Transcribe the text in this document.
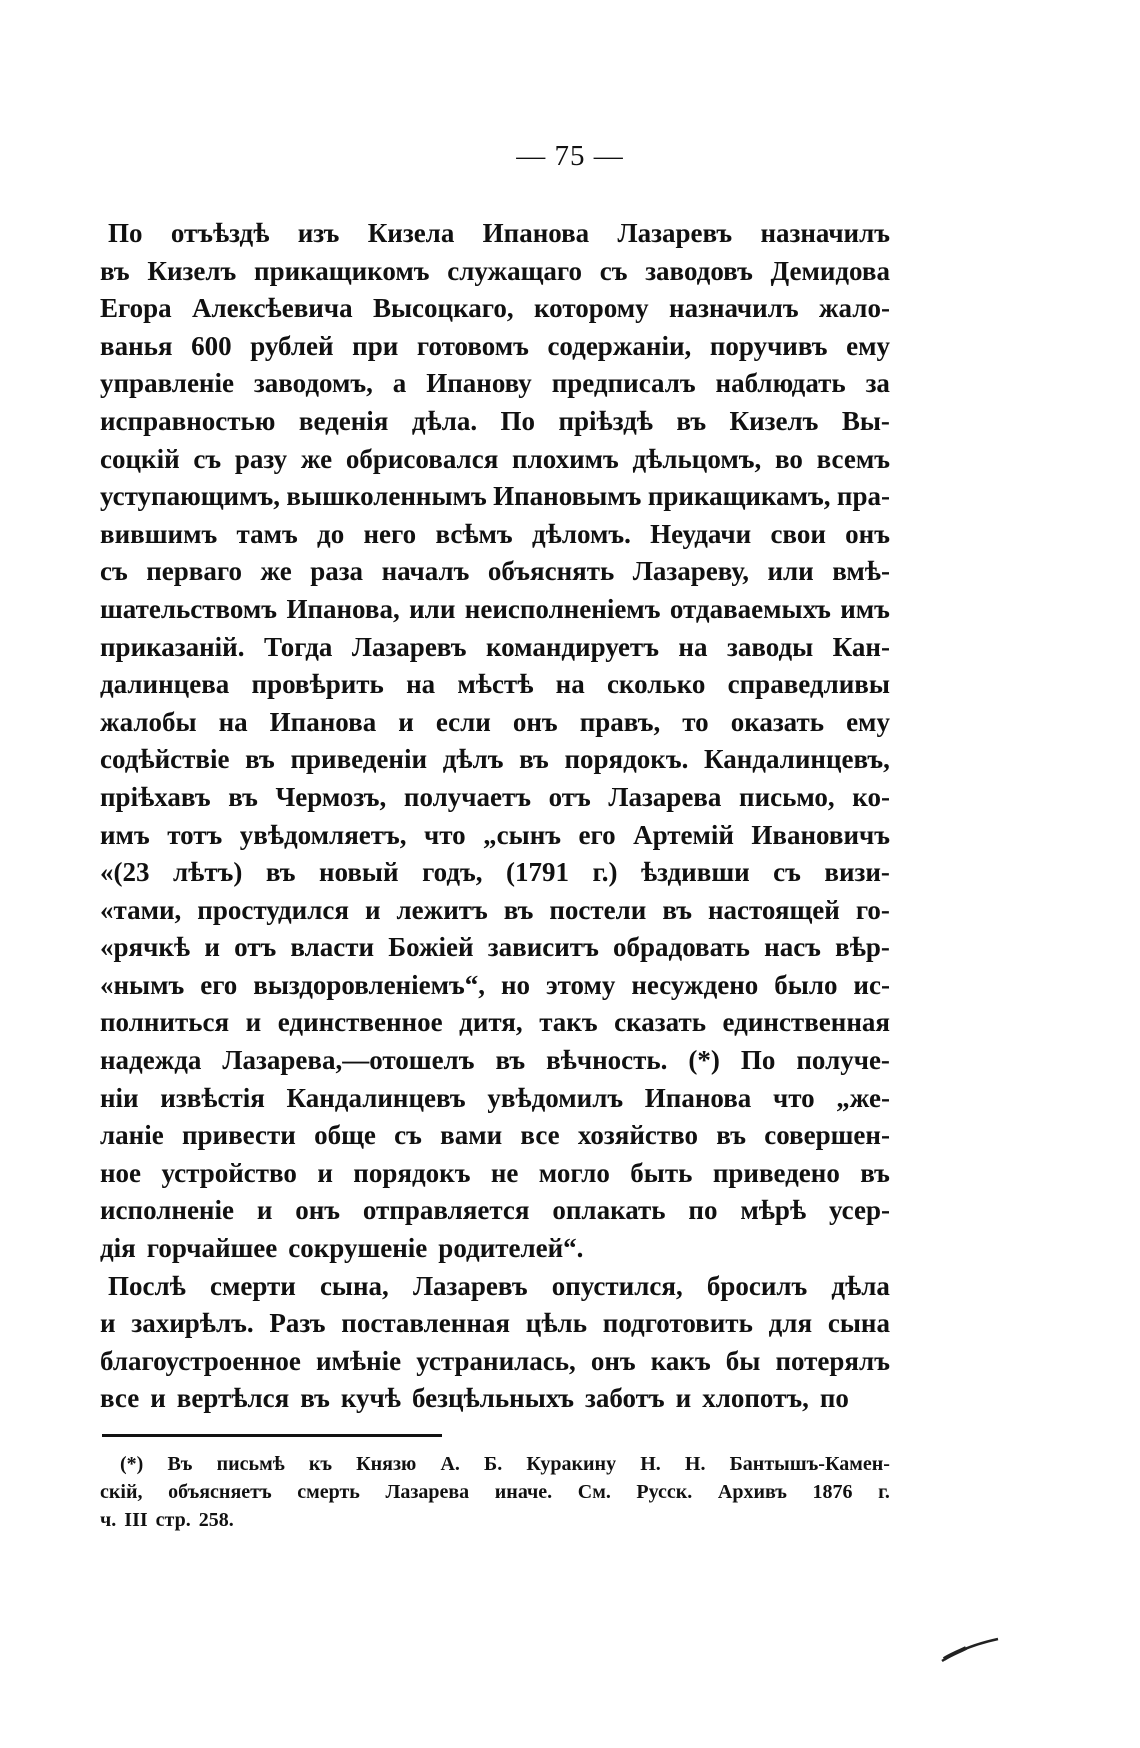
— 75 —
По отъѣздѣ изъ Кизела Ипанова Лазаревъ назначилъ
въ Кизелъ прикащикомъ служащаго съ заводовъ Демидова
Егора Алексѣевича Высоцкаго, которому назначилъ жало-
ванья 600 рублей при готовомъ содержаніи, поручивъ ему
управленіе заводомъ, а Ипанову предписалъ наблюдать за
исправностью веденія дѣла. По пріѣздѣ въ Кизелъ Вы-
соцкій съ разу же обрисовался плохимъ дѣльцомъ, во всемъ
уступающимъ, вышколеннымъ Ипановымъ прикащикамъ, пра-
вившимъ тамъ до него всѣмъ дѣломъ. Неудачи свои онъ
съ перваго же раза началъ объяснять Лазареву, или вмѣ-
шательствомъ Ипанова, или неисполненіемъ отдаваемыхъ имъ
приказаній. Тогда Лазаревъ командируетъ на заводы Кан-
далинцева провѣрить на мѣстѣ на сколько справедливы
жалобы на Ипанова и если онъ правъ, то оказать ему
содѣйствіе въ приведеніи дѣлъ въ порядокъ. Кандалинцевъ,
пріѣхавъ въ Чермозъ, получаетъ отъ Лазарева письмо, ко-
имъ тотъ увѣдомляетъ, что „сынъ его Артемій Ивановичъ
«(23 лѣтъ) въ новый годъ, (1791 г.) ѣздивши съ визи-
«тами, простудился и лежитъ въ постели въ настоящей го-
«рячкѣ и отъ власти Божіей зависитъ обрадовать насъ вѣр-
«нымъ его выздоровленіемъ“, но этому несуждено было ис-
полниться и единственное дитя, такъ сказать единственная
надежда Лазарева,—отошелъ въ вѣчность. (*) По получе-
ніи извѣстія Кандалинцевъ увѣдомилъ Ипанова что „же-
ланіе привести обще съ вами все хозяйство въ совершен-
ное устройство и порядокъ не могло быть приведено въ
исполненіе и онъ отправляется оплакать по мѣрѣ усер-
дія горчайшее сокрушеніе родителей“.
Послѣ смерти сына, Лазаревъ опустился, бросилъ дѣла
и захирѣлъ. Разъ поставленная цѣль подготовить для сына
благоустроенное имѣніе устранилась, онъ какъ бы потерялъ
все и вертѣлся въ кучѣ безцѣльныхъ заботъ и хлопотъ, по
(*) Въ письмѣ къ Князю А. Б. Куракину Н. Н. Бантышъ-Камен-
скій, объясняетъ смерть Лазарева иначе. См. Русск. Архивъ 1876 г.
ч. III стр. 258.
